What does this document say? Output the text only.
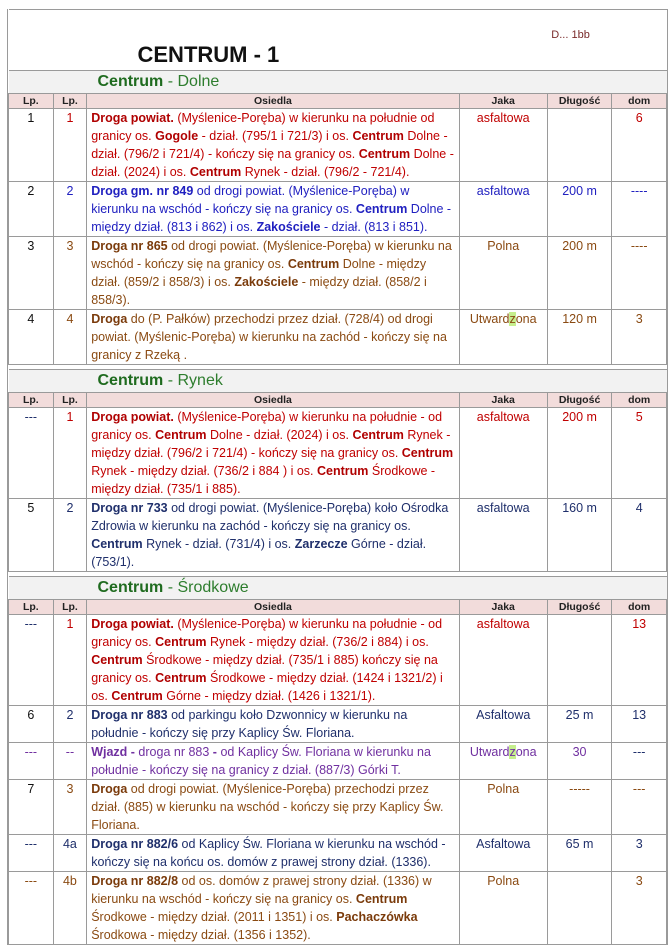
CENTRUM - 1				D... 1bb	

Centrum - Dolne					

Lp.	Lp.	Osiedla	Jaka	Długość	dom
1	1	Droga powiat. (Myślenice-Poręba) w kierunku na południe od granicy os. Gogole - dział. (795/1 i 721/3) i os. Centrum Dolne - dział. (796/2 i 721/4) - kończy się na granicy os. Centrum Dolne - dział. (2024) i os. Centrum Rynek - dział. (796/2 - 721/4).	asfaltowa		6
2	2	Droga gm. nr 849 od drogi powiat. (Myślenice-Poręba) w kierunku na wschód - kończy się na granicy os. Centrum Dolne - między dział. (813 i 862) i os. Zakościele - dział. (813 i 851).	asfaltowa	200 m	----
3	3	Droga nr 865 od drogi powiat. (Myślenice-Poręba) w kierunku na wschód - kończy się na granicy os. Centrum Dolne - między dział. (859/2 i 858/3) i os. Zakościele - między dział. (858/2 i 858/3).	Polna	200 m	----
4	4	Droga do (P. Pałków) przechodzi przez dział. (728/4) od drogi powiat. (Myślenic-Poręba) w kierunku na zachód - kończy się na granicy z Rzeką .	Utwardzona	120 m	3

Centrum - Rynek					

Lp.	Lp.	Osiedla	Jaka	Długość	dom
---	1	Droga powiat. (Myślenice-Poręba) w kierunku na południe - od granicy os. Centrum Dolne - dział. (2024) i os. Centrum Rynek - między dział. (796/2 i 721/4) - kończy się na granicy os. Centrum Rynek - między dział. (736/2 i 884 ) i os. Centrum Środkowe - między dział. (735/1 i 885).	asfaltowa	200 m	5
5	2	Droga nr 733 od drogi powiat. (Myślenice-Poręba) koło Ośrodka Zdrowia w kierunku na zachód - kończy się na granicy os. Centrum Rynek - dział. (731/4) i os. Zarzecze Górne - dział. (753/1).	asfaltowa	160 m	4

Centrum - Środkowe					

Lp.	Lp.	Osiedla	Jaka	Długość	dom
---	1	Droga powiat. (Myślenice-Poręba) w kierunku na południe - od granicy os. Centrum Rynek - między dział. (736/2 i 884) i os. Centrum Środkowe - między dział. (735/1 i 885) kończy się na granicy os. Centrum Środkowe - między dział. (1424 i 1321/2) i os. Centrum Górne - między dział. (1426 i 1321/1).	asfaltowa		13
6	2	Droga nr 883 od parkingu koło Dzwonnicy w kierunku na południe - kończy się przy Kaplicy Św. Floriana.	Asfaltowa	25 m	13
---	--	Wjazd - droga nr 883 - od Kaplicy Św. Floriana w kierunku na południe - kończy się na granicy z dział. (887/3) Górki T.	Utwardzona	30	---
7	3	Droga od drogi powiat. (Myślenice-Poręba) przechodzi przez dział. (885) w kierunku na wschód - kończy się przy Kaplicy Św. Floriana.	Polna	-----	---
---	4a	Droga nr 882/6 od Kaplicy Św. Floriana w kierunku na wschód - kończy się na końcu os. domów z prawej strony dział. (1336).	Asfaltowa	65 m	3
---	4b	Droga nr 882/8 od os. domów z prawej strony dział. (1336) w kierunku na wschód - kończy się na granicy os. Centrum Środkowe - między dział. (2011 i 1351) i os. Pachaczówka Środkowa - między dział. (1356 i 1352).	Polna		3
